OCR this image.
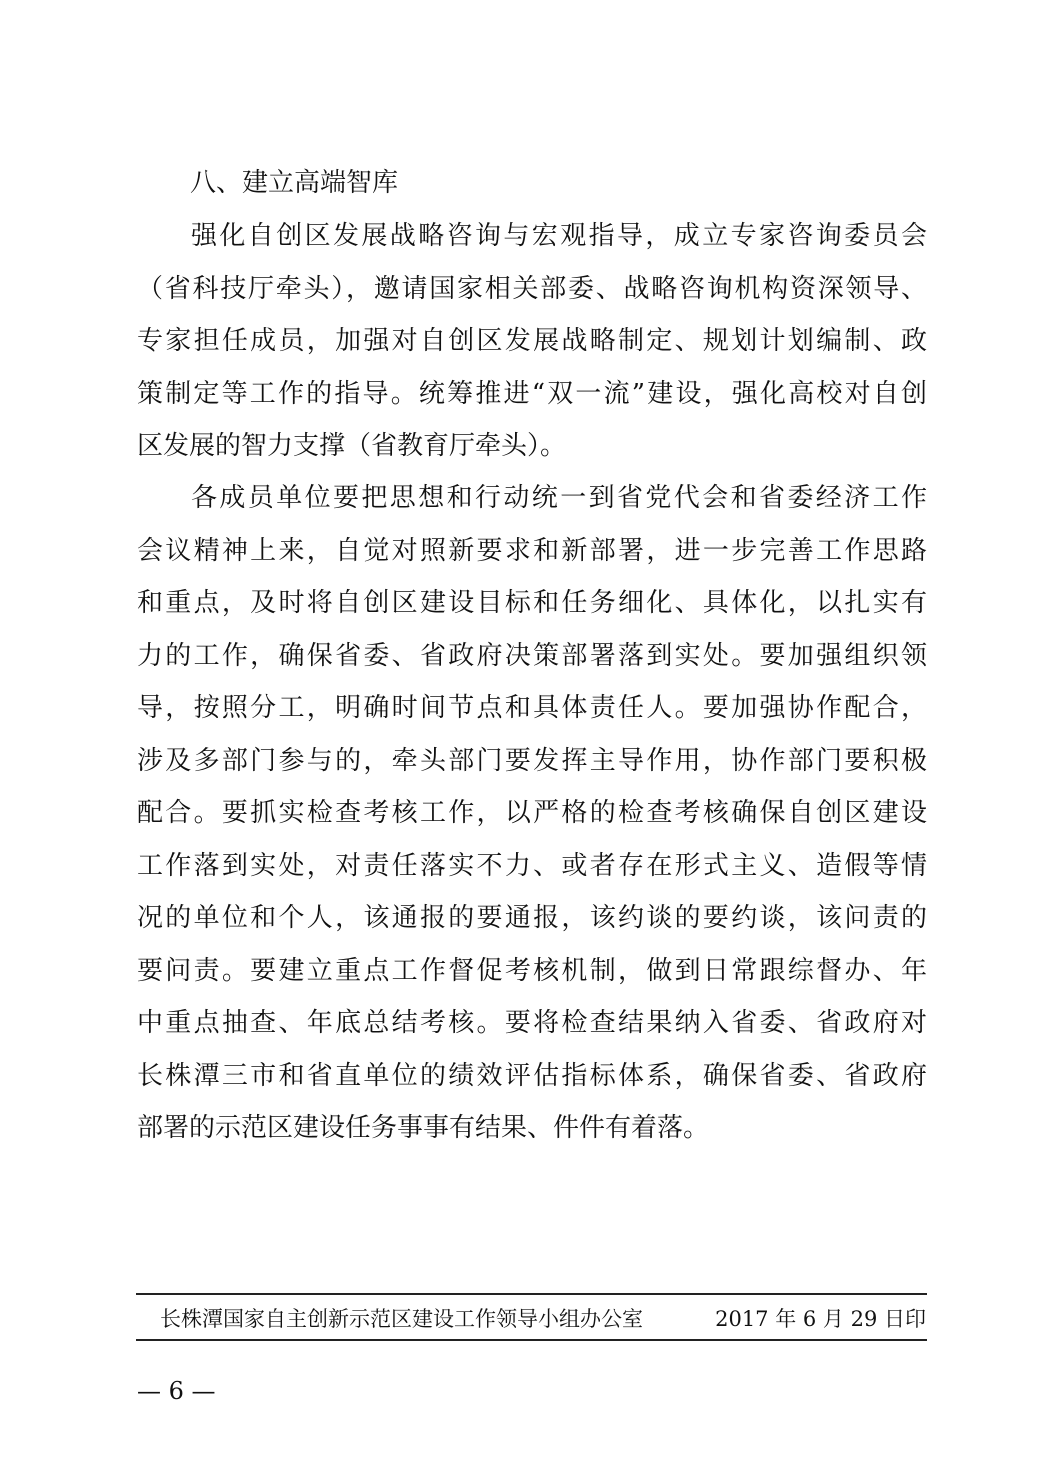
八、建立高端智库
强化自创区发展战略咨询与宏观指导，成立专家咨询委员会
（省科技厅牵头），邀请国家相关部委、战略咨询机构资深领导、
专家担任成员，加强对自创区发展战略制定、规划计划编制、政
策制定等工作的指导。统筹推进“双一流”建设，强化高校对自创
区发展的智力支撑（省教育厅牵头）。
各成员单位要把思想和行动统一到省党代会和省委经济工作
会议精神上来，自觉对照新要求和新部署，进一步完善工作思路
和重点，及时将自创区建设目标和任务细化、具体化，以扎实有
力的工作，确保省委、省政府决策部署落到实处。要加强组织领
导，按照分工，明确时间节点和具体责任人。要加强协作配合，
涉及多部门参与的，牵头部门要发挥主导作用，协作部门要积极
配合。要抓实检查考核工作，以严格的检查考核确保自创区建设
工作落到实处，对责任落实不力、或者存在形式主义、造假等情
况的单位和个人，该通报的要通报，该约谈的要约谈，该问责的
要问责。要建立重点工作督促考核机制，做到日常跟综督办、年
中重点抽查、年底总结考核。要将检查结果纳入省委、省政府对
长株潭三市和省直单位的绩效评估指标体系，确保省委、省政府
部署的示范区建设任务事事有结果、件件有着落。
长株潭国家自主创新示范区建设工作领导小组办公室	2017 年 6 月 29 日印
— 6 —
